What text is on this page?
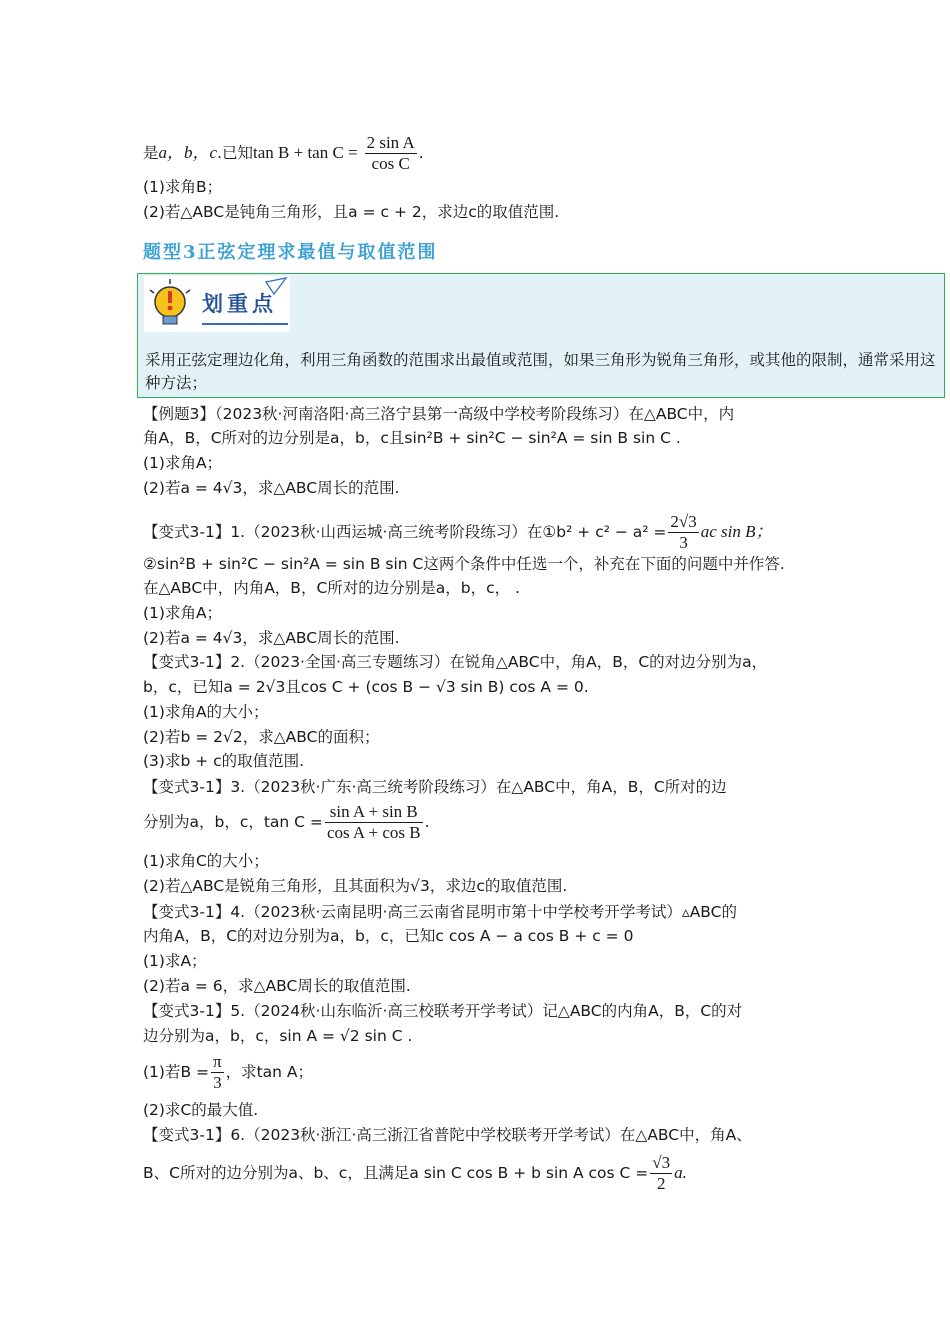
是a，b，c.已知$\tan B + \tan C = \frac{\text{2 sin A}}{\text{cos C}}$ .
(1)求角B；
(2)若△ABC是钝角三角形，且a = c + 2，求边c的取值范围.
题型3正弦定理求最值与取值范围
划重点
采用正弦定理边化角，利用三角函数的范围求出最值或范围，如果三角形为锐角三角形，或其他的限制，通常采用这种方法；
【例题3】（2023秋·河南洛阳·高三洛宁县第一高级中学校考阶段练习）在△ABC中，内
角A，B，C所对的边分别是a，b，c且sin²B + sin²C − sin²A = sin B sin C .
(1)求角A；
(2)若a = 4√3，求△ABC周长的范围.
【变式3-1】1.（2023秋·山西运城·高三统考阶段练习）在①b² + $c^2 - a^2 = \frac{2√3}{3}$ ac sin B；
②sin²B + sin²C − sin²A = sin B sin C这两个条件中任选一个，补充在下面的问题中并作答.
在△ABC中，内角A，B，C所对的边分别是a，b，c， .
(1)求角A；
(2)若a = 4√3，求△ABC周长的范围.
【变式3-1】2.（2023·全国·高三专题练习）在锐角△ABC中，角A，B，C的对边分别为a，
b，c，已知a = 2√3且cos C + (cos B − √3 sin B) cos A = 0.
(1)求角A的大小；
(2)若b = 2√2，求△ABC的面积；
(3)求b + c的取值范围.
【变式3-1】3.（2023秋·广东·高三统考阶段练习）在△ABC中，角A，B，C所对的边
分别为a，b，c，$\tan C = \frac{\text{sin A + sin B}}{\text{cos A + cos B}}$ .
(1)求角C的大小；
(2)若△ABC是锐角三角形，且其面积为√3，求边c的取值范围.
【变式3-1】4.（2023秋·云南昆明·高三云南省昆明市第十中学校考开学考试）▵ABC的
内角A，B，C的对边分别为a，b，c，已知c cos A − a cos B + c = 0
(1)求A；
(2)若a = 6，求△ABC周长的取值范围.
【变式3-1】5.（2024秋·山东临沂·高三校联考开学考试）记△ABC的内角A，B，C的对
边分别为a，b，c，sin A = √2 sin C .
(1)若$B = \frac{\pi}{3}$ ，求tan A；
(2)求C的最大值.
【变式3-1】6.（2023秋·浙江·高三浙江省普陀中学校联考开学考试）在△ABC中，角A、
B、C所对的边分别为a、b、c，且满足a sin C cos B + b sin A $\cos C = \frac{√3}{2} a$.
